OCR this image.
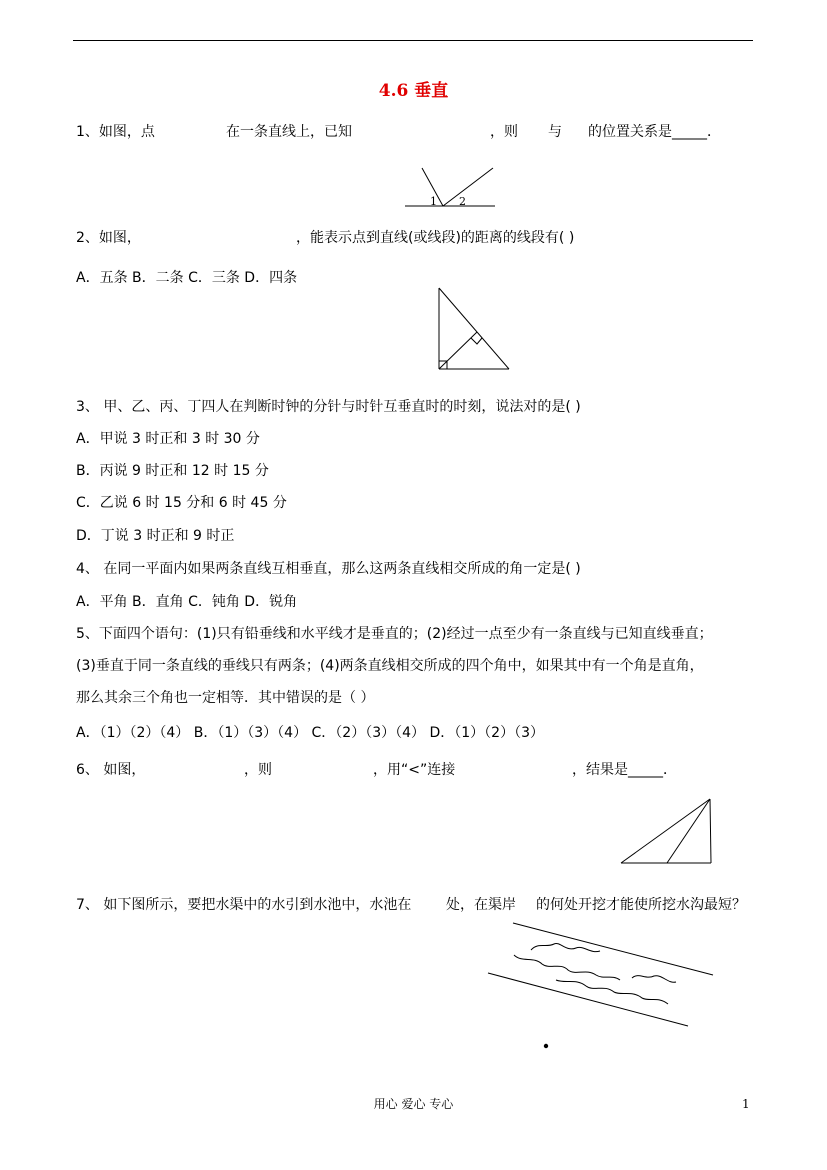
4.6 垂直
1、如图，点	在一条直线上，已知	，则 与 的位置关系是_____．
1 2
2、如图，	，能表示点到直线(或线段)的距离的线段有( )
A．五条 B．二条 C．三条 D．四条
3、 甲、乙、丙、丁四人在判断时钟的分针与时针互垂直时的时刻，说法对的是( )
A．甲说 3 时正和 3 时 30 分
B．丙说 9 时正和 12 时 15 分
C．乙说 6 时 15 分和 6 时 45 分
D．丁说 3 时正和 9 时正
4、 在同一平面内如果两条直线互相垂直，那么这两条直线相交所成的角一定是( )
A．平角 B．直角 C．钝角 D．锐角
5、下面四个语句：(1)只有铅垂线和水平线才是垂直的；(2)经过一点至少有一条直线与已知直线垂直；
(3)垂直于同一条直线的垂线只有两条；(4)两条直线相交所成的四个角中，如果其中有一个角是直角，
那么其余三个角也一定相等．其中错误的是（ ）
A．（1）（2）（4） B．（1）（3）（4） C．（2）（3）（4） D．（1）（2）（3）
6、 如图，	，则	，用“<”连接	，结果是_____．
7、 如下图所示，要把水渠中的水引到水池中，水池在 处，在渠岸 的何处开挖才能使所挖水沟最短？
用心 爱心 专心	1
